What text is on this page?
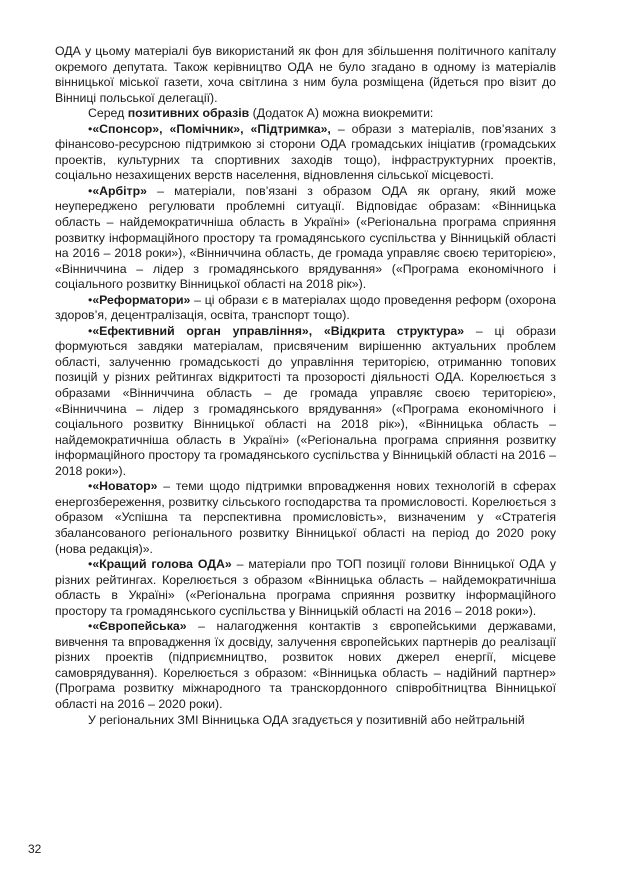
ОДА у цьому матеріалі був використаний як фон для збільшення політичного капіталу окремого депутата. Також керівництво ОДА не було згадано в одному із матеріалів вінницької міської газети, хоча світлина з ним була розміщена (йдеться про візит до Вінниці польської делегації).

Серед позитивних образів (Додаток А) можна виокремити:

• «Спонсор», «Помічник», «Підтримка», – образи з матеріалів, пов’язаних з фінансово-ресурсною підтримкою зі сторони ОДА громадських ініціатив (громадських проектів, культурних та спортивних заходів тощо), інфраструктурних проектів, соціально незахищених верств населення, відновлення сільської місцевості.

• «Арбітр» – матеріали, пов’язані з образом ОДА як органу, який може неупереджено регулювати проблемні ситуації. Відповідає образам: «Вінницька область – найдемократичніша область в Україні» («Регіональна програма сприяння розвитку інформаційного простору та громадянського суспільства у Вінницькій області на 2016 – 2018 роки»), «Вінниччина область, де громада управляє своєю територією», «Вінниччина – лідер з громадянського врядування» («Програма економічного і соціального розвитку Вінницької області на 2018 рік»).

• «Реформатори» – ці образи є в матеріалах щодо проведення реформ (охорона здоров’я, децентралізація, освіта, транспорт тощо).

• «Ефективний орган управління», «Відкрита структура» – ці образи формуються завдяки матеріалам, присвяченим вирішенню актуальних проблем області, залученню громадськості до управління територією, отриманню топових позицій у різних рейтингах відкритості та прозорості діяльності ОДА. Корелюється з образами «Вінниччина область – де громада управляє своєю територією», «Вінниччина – лідер з громадянського врядування» («Програма економічного і соціального розвитку Вінницької області на 2018 рік»), «Вінницька область – найдемократичніша область в Україні» («Регіональна програма сприяння розвитку інформаційного простору та громадянського суспільства у Вінницькій області на 2016 – 2018 роки»).

• «Новатор» – теми щодо підтримки впровадження нових технологій в сферах енергозбереження, розвитку сільського господарства та промисловості. Корелюється з образом «Успішна та перспективна промисловість», визначеним у «Стратегія збалансованого регіонального розвитку Вінницької області на період до 2020 року (нова редакція)».

• «Кращий голова ОДА» – матеріали про ТОП позиції голови Вінницької ОДА у різних рейтингах. Корелюється з образом «Вінницька область – найдемократичніша область в Україні» («Регіональна програма сприяння розвитку інформаційного простору та громадянського суспільства у Вінницькій області на 2016 – 2018 роки»).

• «Європейська» – налагодження контактів з європейськими державами, вивчення та впровадження їх досвіду, залучення європейських партнерів до реалізації різних проектів (підприємництво, розвиток нових джерел енергії, місцеве самоврядування). Корелюється з образом: «Вінницька область – надійний партнер» (Програма розвитку міжнародного та транскордонного співробітництва Вінницької області на 2016 – 2020 роки).

У регіональних ЗМІ Вінницька ОДА згадується у позитивній або нейтральній

32
